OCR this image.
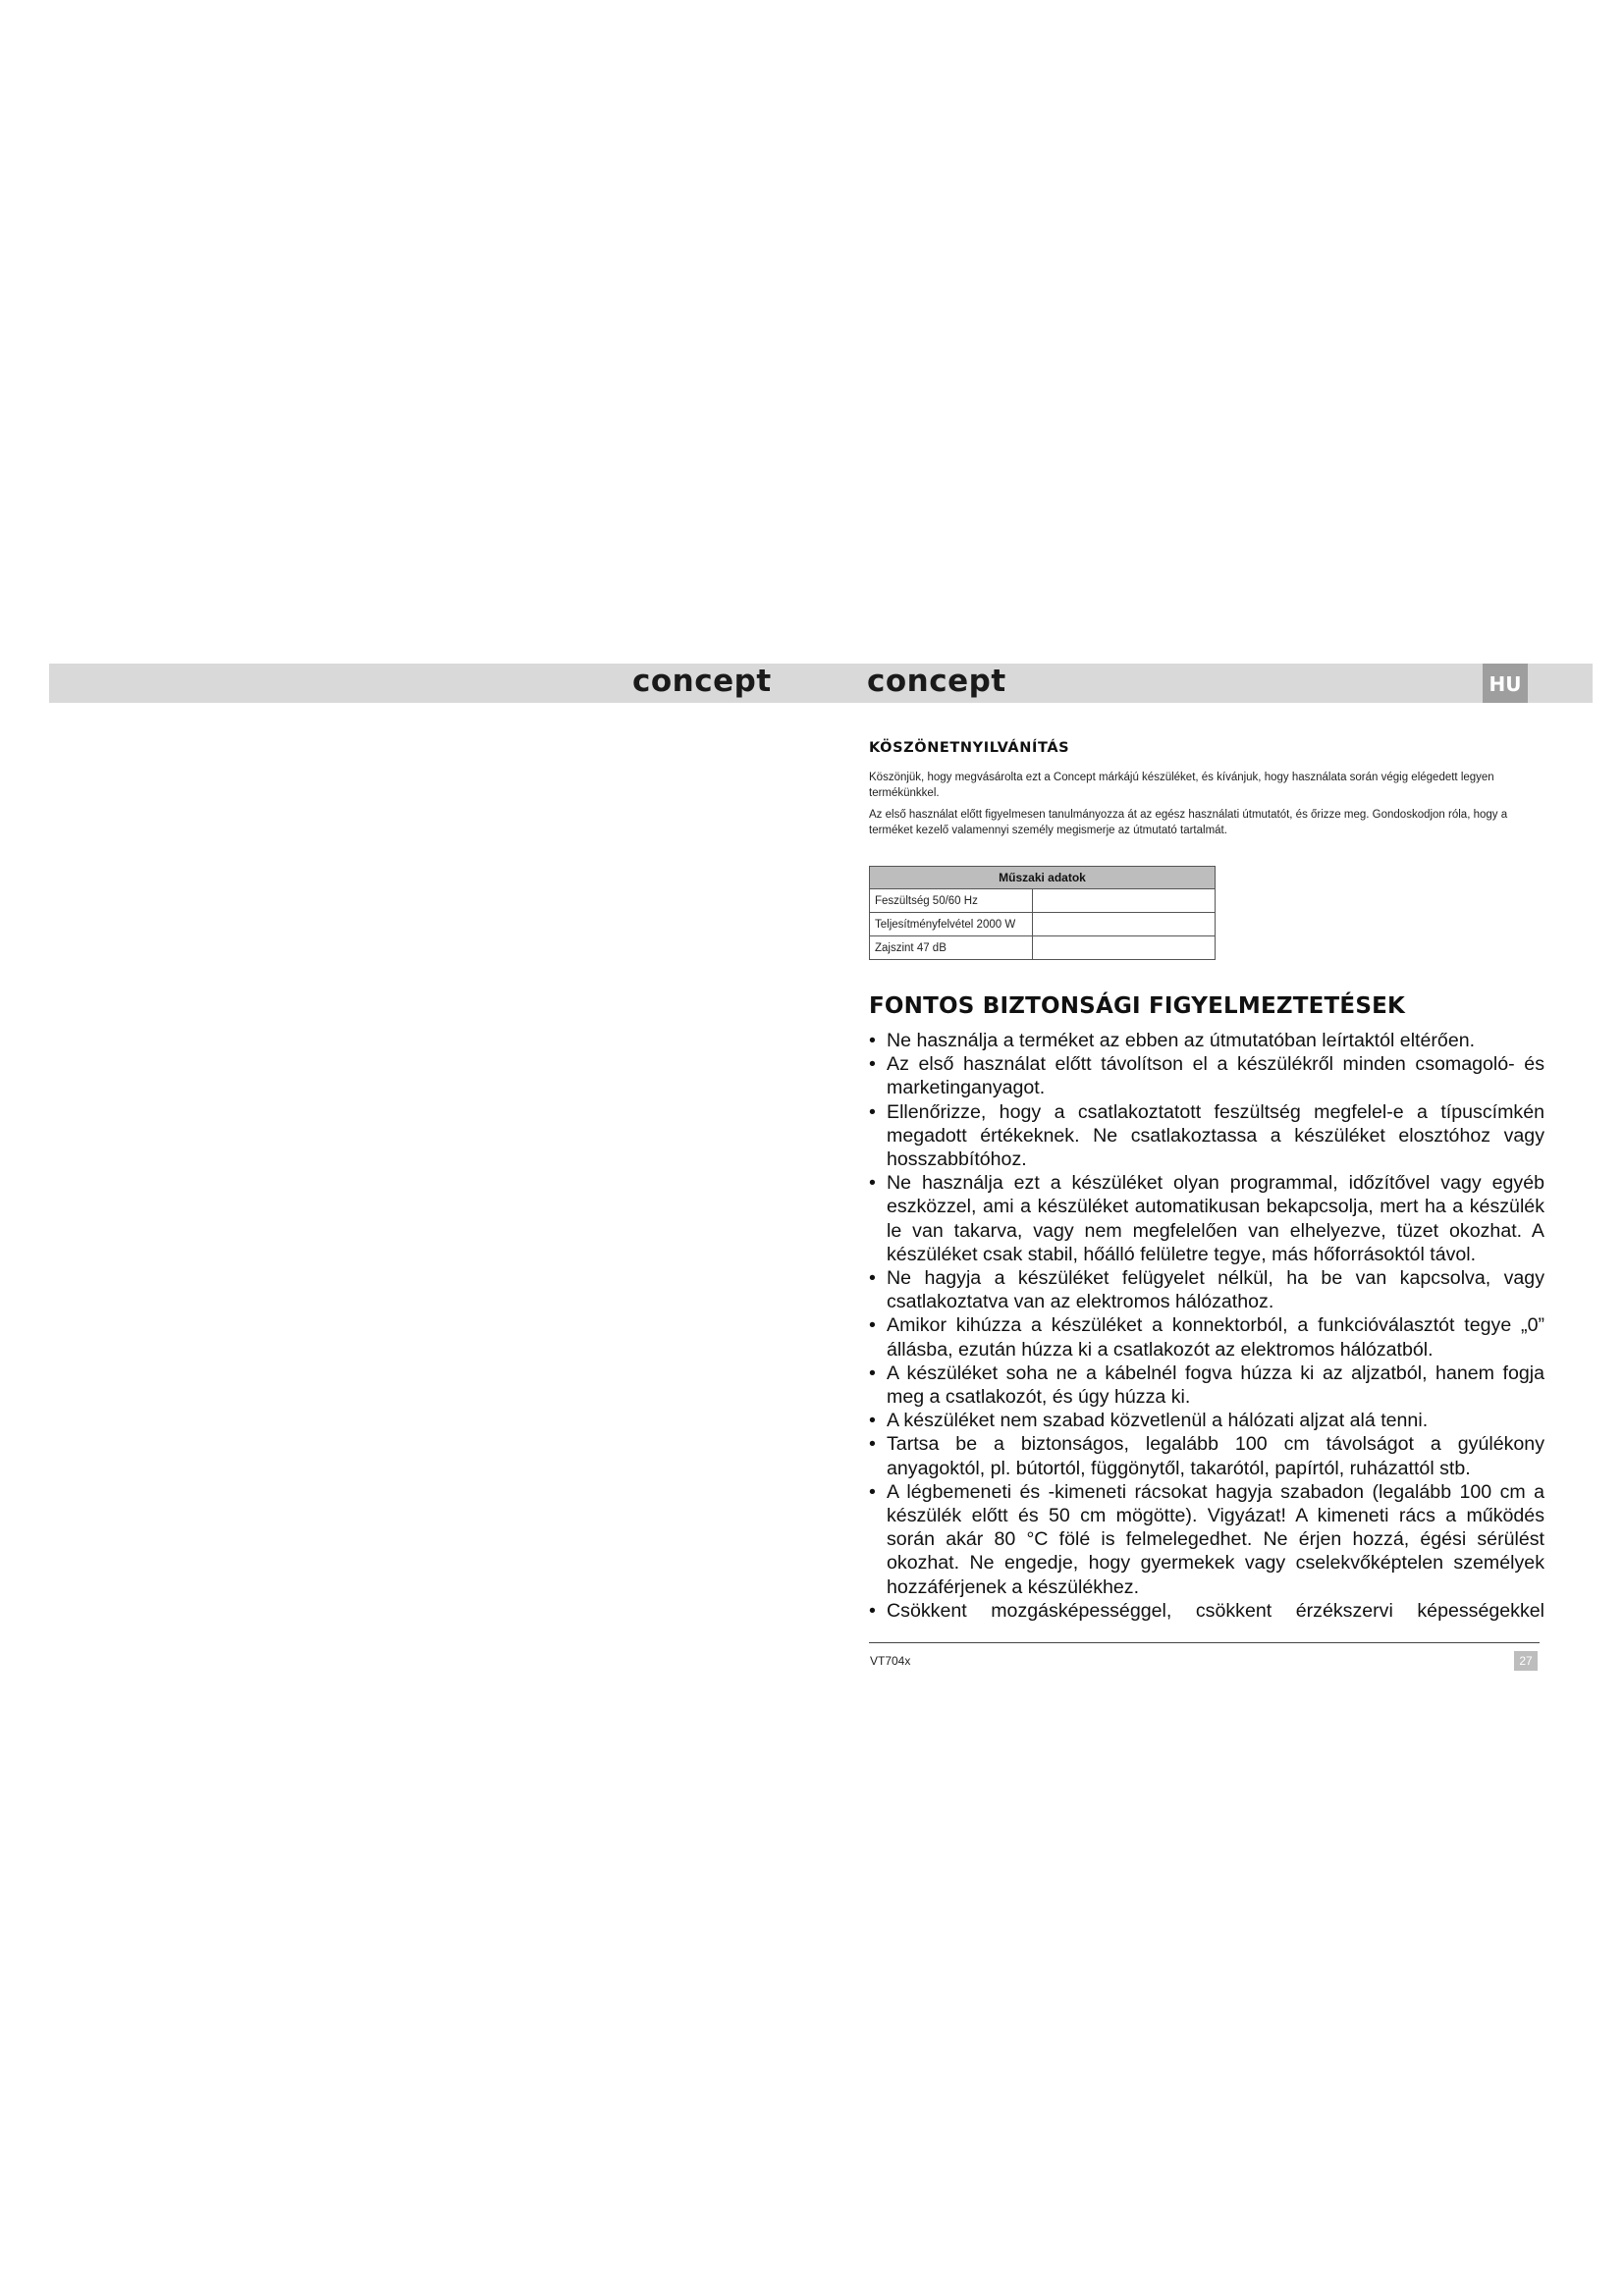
concept	concept	HU
KÖSZÖNETNYILVÁNÍTÁS

Köszönjük, hogy megvásárolta ezt a Concept márkájú készüléket, és kívánjuk, hogy használata során végig elégedett legyen termékünkkel.

Az első használat előtt figyelmesen tanulmányozza át az egész használati útmutatót, és őrizze meg. Gondoskodjon róla, hogy a terméket kezelő valamennyi személy megismerje az útmutató tartalmát.

Műszaki adatok	
Feszültség 50/60 Hz	
Teljesítményfelvétel 2000 W	
Zajszint 47 dB	
FONTOS BIZTONSÁGI FIGYELMEZTETÉSEK
• Ne használja a terméket az ebben az útmutatóban leírtaktól eltérően.
• Az első használat előtt távolítson el a készülékről minden csomagoló- és marketinganyagot.
• Ellenőrizze, hogy a csatlakoztatott feszültség megfelel-e a típuscímkén megadott értékeknek. Ne csatlakoztassa a készüléket elosztóhoz vagy hosszabbítóhoz.
• Ne használja ezt a készüléket olyan programmal, időzítővel vagy egyéb eszközzel, ami a készüléket automatikusan bekapcsolja, mert ha a készülék le van takarva, vagy nem megfelelően van elhelyezve, tüzet okozhat. A készüléket csak stabil, hőálló felületre tegye, más hőforrásoktól távol.
• Ne hagyja a készüléket felügyelet nélkül, ha be van kapcsolva, vagy csatlakoztatva van az elektromos hálózathoz.
• Amikor kihúzza a készüléket a konnektorból, a funkcióválasztót tegye „0” állásba, ezután húzza ki a csatlakozót az elektromos hálózatból.
• A készüléket soha ne a kábelnél fogva húzza ki az aljzatból, hanem fogja meg a csatlakozót, és úgy húzza ki.
• A készüléket nem szabad közvetlenül a hálózati aljzat alá tenni.
• Tartsa be a biztonságos, legalább 100 cm távolságot a gyúlékony anyagoktól, pl. bútortól, függönytől, takarótól, papírtól, ruházattól stb.
• A légbemeneti és -kimeneti rácsokat hagyja szabadon (legalább 100 cm a készülék előtt és 50 cm mögötte). Vigyázat! A kimeneti rács a működés során akár 80 °C fölé is felmelegedhet. Ne érjen hozzá, égési sérülést okozhat. Ne engedje, hogy gyermekek vagy cselekvőképtelen személyek hozzáférjenek a készülékhez.
• Csökkent mozgásképességgel, csökkent érzékszervi képességekkel
VT704x	27
